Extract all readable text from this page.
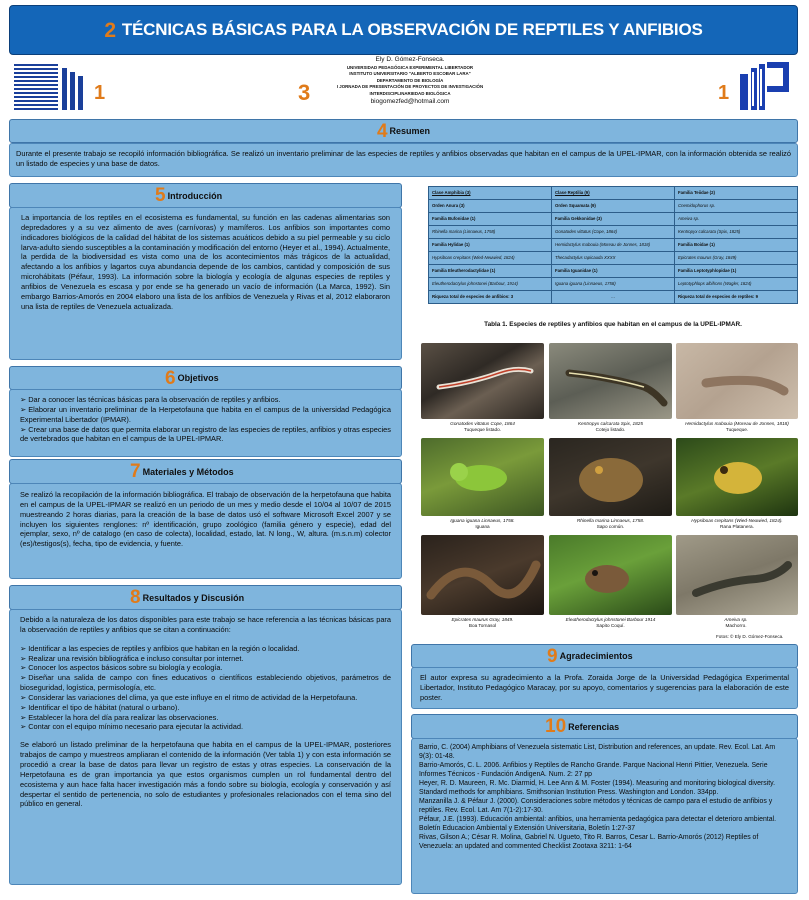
2 TÉCNICAS BÁSICAS PARA LA OBSERVACIÓN DE REPTILES Y ANFIBIOS
1	3
Ely D. Gómez-Fonseca.
UNIVERSIDAD PEDAGÓGICA EXPERIMENTAL LIBERTADOR
INSTITUTO UNIVERSITARIO "ALBERTO ESCOBAR LARA"
DEPARTAMENTO DE BIOLOGÍA
I JORNADA DE PRESENTACIÓN DE PROYECTOS DE INVESTIGACIÓN
INTERDISCIPLINARIEDAD BIOLÓGICA
biogomezfed@hotmail.com	1
4 Resumen
Durante el presente trabajo se recopiló información bibliográfica. Se realizó un inventario preliminar de las especies de reptiles y anfibios observadas que habitan en el campus de la UPEL-IPMAR, con la información obtenida se realizó un listado de especies y una base de datos.
5 Introducción
La importancia de los reptiles en el ecosistema es fundamental, su función en las cadenas alimentarias son depredadores y a su vez alimento de aves (carnívoras) y mamíferos. Los anfibios son importantes como indicadores biológicos de la calidad del hábitat de los sistemas acuáticos debido a su piel permeable y su ciclo larva-adulto siendo susceptibles a la contaminación y modificación del entorno (Heyer et al., 1994). Actualmente, la perdida de la biodiversidad es vista como una de los acontecimientos más trágicos de la actualidad, afectando a los anfibios y lagartos cuya abundancia depende de los cambios, cantidad y composición de sus microhábitats (Péfaur, 1993). La información sobre la biología y ecología de algunas especies de reptiles y anfibios de Venezuela es escasa y por ende se ha generado un vacío de información (La Marca, 1992). Sin embargo Barrios-Amorós en 2004 elaboro una lista de los anfibios de Venezuela y Rivas et al, 2012 elaboraron una lista de reptiles de Venezuela actualizada.
6 Objetivos
➢ Dar a conocer las técnicas básicas para la observación de reptiles y anfibios.
➢ Elaborar un inventario preliminar de la Herpetofauna que habita en el campus de la universidad Pedagógica Experimental Libertador (IPMAR).
➢ Crear una base de datos que permita elaborar un registro de las especies de reptiles, anfibios y otras especies de vertebrados que habitan en el campus de la UPEL-IPMAR.
7 Materiales y Métodos
Se realizó la recopilación de la información bibliográfica. El trabajo de observación de la herpetofauna que habita en el campus de la UPEL-IPMAR se realizó en un periodo de un mes y medio desde el 10/04 al 10/07 de 2015 muestreando 2 horas diarias, para la creación de la base de datos usó el software Microsoft Excel 2007 y se incluyen los siguientes renglones: nº identificación, grupo zoológico (familia género y especie), edad del ejemplar, sexo, nº de catalogo (en caso de colecta), localidad, estado, lat. N long., W, altura. (m.s.n.m) colector (es)/testigos(s), fecha, tipo de evidencia, y fuente.
8 Resultados y Discusión
Debido a la naturaleza de los datos disponibles para este trabajo se hace referencia a las técnicas básicas para la observación de reptiles y anfibios que se citan a continuación:
➢ Identificar a las especies de reptiles y anfibios que habitan en la región o localidad.
➢ Realizar una revisión bibliográfica e incluso consultar por internet.
➢ Conocer los aspectos básicos sobre su biología y ecología.
➢ Diseñar una salida de campo con fines educativos o científicos estableciendo objetivos, parámetros de bioseguridad, logística, permisología, etc.
➢ Considerar las variaciones del clima, ya que este influye en el ritmo de actividad de la Herpetofauna.
➢ Identificar el tipo de hábitat (natural o urbano).
➢ Establecer la hora del día para realizar las observaciones.
➢ Contar con el equipo mínimo necesario para ejecutar la actividad.
Se elaboró un listado preliminar de la herpetofauna que habita en el campus de la UPEL-IPMAR, posteriores trabajos de campo y muestreos ampliaran el contenido de la información (Ver tabla 1) y con esta información se procedió a crear la base de datos para llevar un registro de estas y otras especies. La conservación de la Herpetofauna es de gran importancia ya que estos organismos cumplen un rol fundamental dentro del ecosistema y aun hace falta hacer investigación más a fondo sobre su biología, ecología y conservación y así despertar el sentido de pertenencia, no solo de estudiantes y profesionales relacionados con el tema sino del público en general.
Clase Amphibia (3)	Clase Reptilia (9)	Familia Teiidae (2)
Orden Anura (3)	Orden Squamata (9)	Cnemidophorus sp.
Familia Bufonidae (1)	Familia Gekkonidae (3)	Ameiva sp.
Rhinella marina (Linnaeus, 1758)	Gonatodes vittatus (Cope, 1864)	Kentropyx calcarata (Spix, 1825)
Familia Hylidae (1)	Hemidactylus mabouia (Moreau de Jonnes, 1818)	Familia Boidae (1)
Hypsiboas crepitans (Wied-Neuwied, 1824)	Thecadactylus rapicauda XXXX	Epicrates maurus (Gray, 1849)
Familia Eleutherodactylidae (1)	Familia Iguanidae (1)	Familia Leptotyphlopidae (1)
Eleutherodactylus johnstonei (Barbour, 1914)	Iguana iguana (Linnaeus, 1758)	Leptotyphlops albifrons (Wagler, 1824)
Riqueza total de especies de anfibios: 3	...	Riqueza total de especies de reptiles: 9
Tabla 1. Especies de reptiles y anfibios que habitan en el campus de la UPEL-IPMAR.
Gonatodes vittatus Cope, 1864
Tuqueque listado.
Kentropyx calcarata Spix, 1825
Cotejo listado.
Hemidactylus mabouia (Moreau de Jonnes, 1818)
Tuqueque.
Iguana iguana Linnaeus, 1758.
Iguana
Rhinella marina Linnaeus, 1758.
Sapo común.
Hypsiboas crepitans (Wied-Neuwied, 1824).
Rana Platanera.
Epicrates maurus Gray, 1849.
Boa Tornasol
Eleutherodactylus johnstonei Barbour 1914
Sapito Coquí.
Ameiva sp.
Machorro.
Fotos: © Ely D. Gómez-Fonseca.
9 Agradecimientos
El autor expresa su agradecimiento a la Profa. Zoraida Jorge de la Universidad Pedagógica Experimental Libertador, Instituto Pedagógico Maracay, por su apoyo, comentarios y sugerencias para la elaboración de este poster.
10 Referencias
Barrio, C. (2004) Amphibians of Venezuela sistematic List, Distribution and references, an update. Rev. Ecol. Lat. Am 9(3): 01-48.
Barrio-Amorós, C. L. 2006. Anfibios y Reptiles de Rancho Grande. Parque Nacional Henri Pittier, Venezuela. Serie Informes Técnicos - Fundación AndigenA. Num. 2: 27 pp
Heyer, R. D. Maureen, R. Mc. Diarmid, H. Lee Ann & M. Foster (1994). Measuring and monitoring biological diversity. Standard methods for amphibians. Smithsonian Institution Press. Washington and London. 334pp.
Manzanilla J. & Péfaur J. (2000). Consideraciones sobre métodos y técnicas de campo para el estudio de anfibios y reptiles. Rev. Ecol. Lat. Am 7(1-2):17-30.
Péfaur, J.E. (1993). Educación ambiental: anfibios, una herramienta pedagógica para detectar el deterioro ambiental. Boletín Educacion Ambiental y Extensión Universitaria, Boletín 1:27-37
Rivas, Gilson A.; César R. Molina, Gabriel N. Ugueto, Tito R. Barros, Cesar L. Barrio-Amorós (2012) Reptiles of Venezuela: an updated and commented Checklist Zootaxa 3211: 1-64
